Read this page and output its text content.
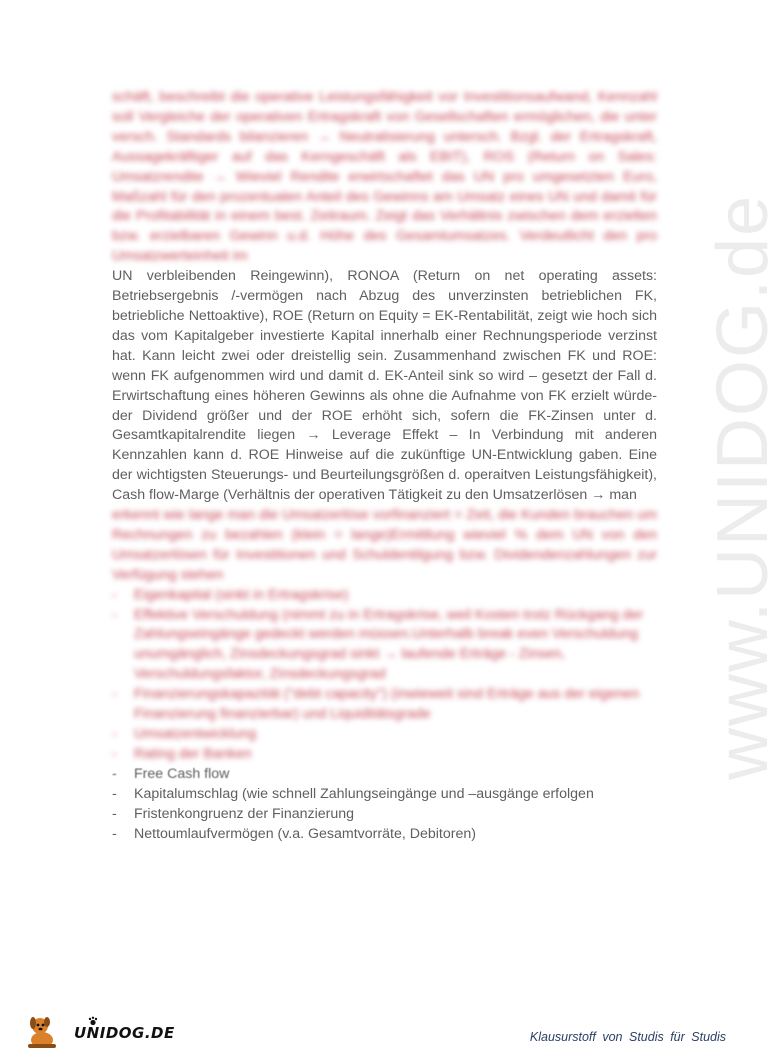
www.UNIDOG.de

schäft, beschreibt die operative Leistungsfähigkeit vor Investitionsaufwand, Kennzahl soll Vergleiche der operativen Ertragskraft von Gesellschaften ermöglichen, die unter versch. Standards bilanzieren → Neutralisierung untersch. Bzgl. der Ertragskraft, Aussagekräftiger auf das Kerngeschäft als EBIT), ROS (Return on Sales: Umsatzrendite → Wieviel Rendite erwirtschaftet das UN pro umgesetzten Euro, Maßzahl für den prozentualen Anteil des Gewinns am Umsatz eines UN und damit für die Profitabilität in einem best. Zeitraum. Zeigt das Verhältnis zwischen dem erzielten bzw. erzielbaren Gewinn u.d. Höhe des Gesamtumsatzes. Verdeutlicht den pro Umsatzwerteinheit im

UN verbleibenden Reingewinn), RONOA (Return on net operating assets: Betriebsergebnis /-vermögen nach Abzug des unverzinsten betrieblichen FK, betriebliche Nettoaktive), ROE (Return on Equity = EK-Rentabilität, zeigt wie hoch sich das vom Kapitalgeber investierte Kapital innerhalb einer Rechnungsperiode verzinst hat. Kann leicht zwei oder dreistellig sein. Zusammenhand zwischen FK und ROE: wenn FK aufgenommen wird und damit d. EK-Anteil sink so wird – gesetzt der Fall d. Erwirtschaftung eines höheren Gewinns als ohne die Aufnahme von FK erzielt würde- der Dividend größer und der ROE erhöht sich, sofern die FK-Zinsen unter d. Gesamtkapitalrendite liegen → Leverage Effekt – In Verbindung mit anderen Kennzahlen kann d. ROE Hinweise auf die zukünftige UN-Entwicklung gaben. Eine der wichtigsten Steuerungs- und Beurteilungsgrößen d. operaitven Leistungsfähigkeit), Cash flow-Marge (Verhältnis der operativen Tätigkeit zu den Umsatzerlösen → man

erkennt wie lange man die Umsatzerlöse vorfinanziert = Zeit, die Kunden brauchen um Rechnungen zu bezahlen (klein = lange)Ermittlung wieviel % dem UN von den Umsatzerlösen für Investitionen und Schuldentilgung bzw. Dividendenzahlungen zur Verfügung stehen

- Eigenkapital (sinkt in Ertragskrise)
- Effektive Verschuldung (nimmt zu in Ertragskrise, weil Kosten trotz Rückgang der Zahlungseingänge gedeckt werden müssen.Unterhalb break even Verschuldung unumgänglich, Zinsdeckungsgrad sinkt → laufende Erträge - Zinsen, Verschuldungsfaktor, Zinsdeckungsgrad
- Finanzierungskapazität ("debt capacity") (inwieweit sind Erträge aus der eigenen Finanzierung finanzierbar) und Liquiditätsgrade
- Umsatzentwicklung
- Rating der Banken
- Free Cash flow
- Kapitalumschlag (wie schnell Zahlungseingänge und –ausgänge erfolgen
- Fristenkongruenz der Finanzierung
- Nettoumlaufvermögen (v.a. Gesamtvorräte, Debitoren)
UNIDOG.DE	Klausurstoff von Studis für Studis
